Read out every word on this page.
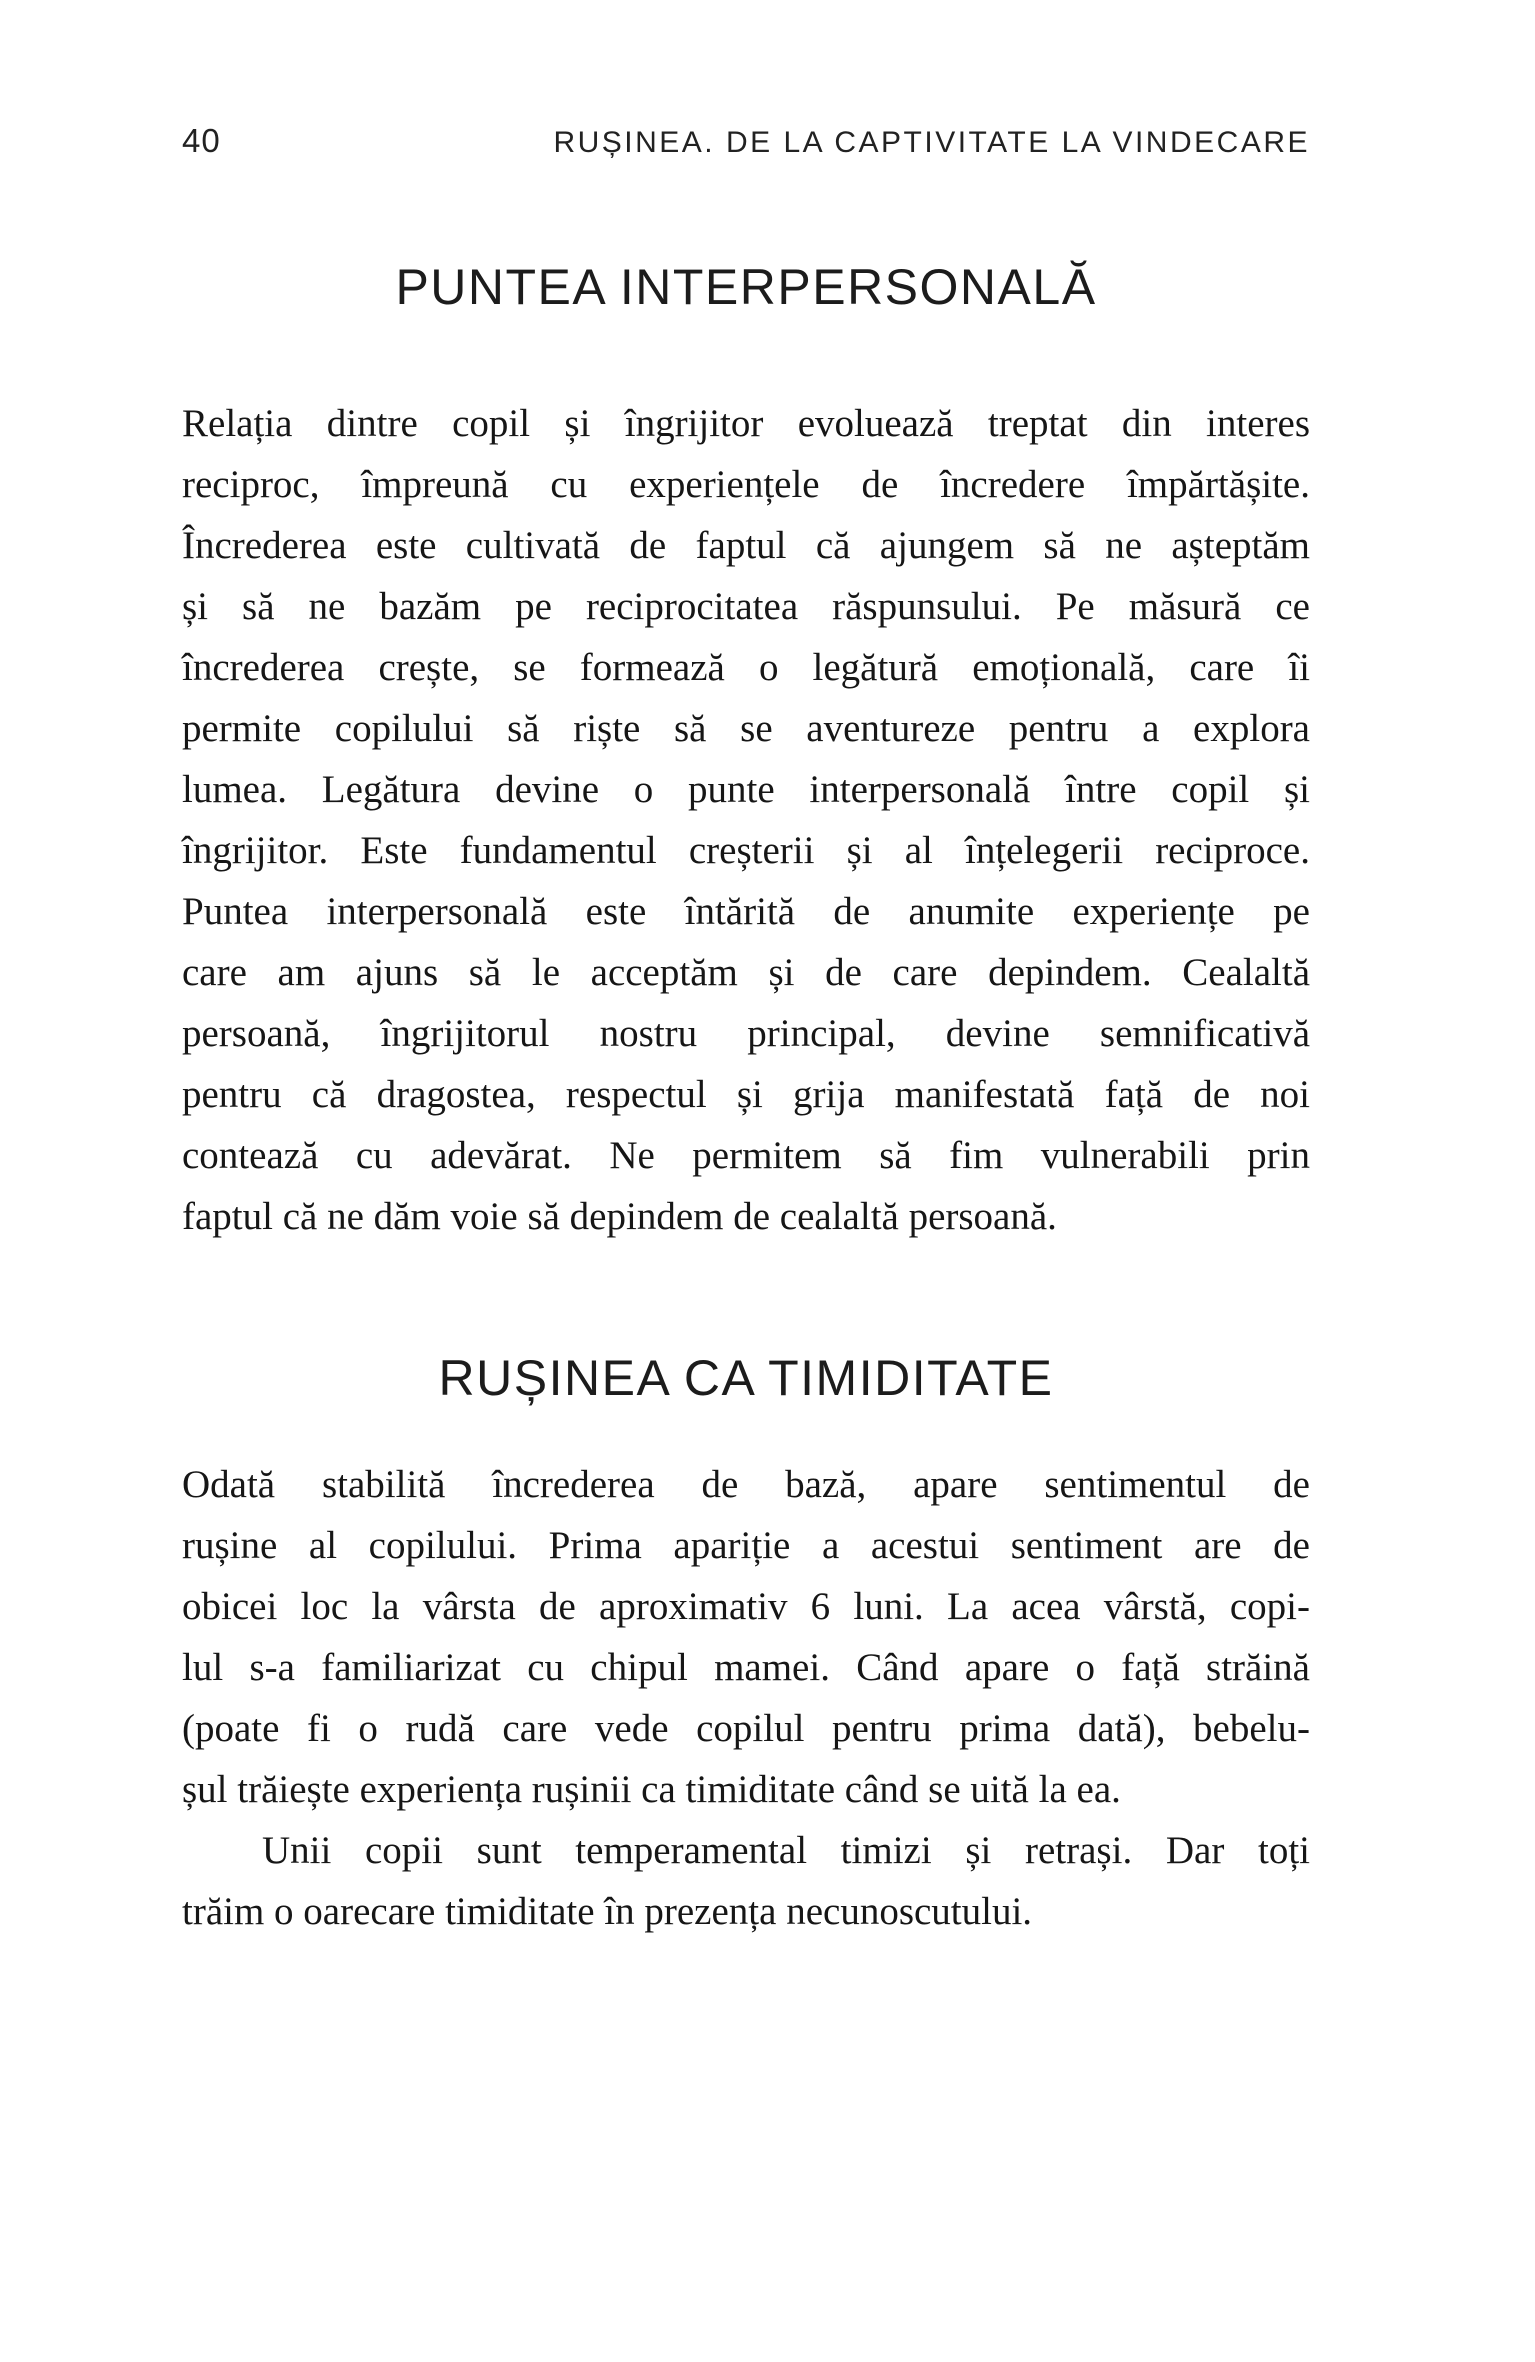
40	RUȘINEA. DE LA CAPTIVITATE LA VINDECARE
PUNTEA INTERPERSONALĂ
Relația dintre copil și îngrijitor evoluează treptat din interes
reciproc, împreună cu experiențele de încredere împărtășite.
Încrederea este cultivată de faptul că ajungem să ne așteptăm
și să ne bazăm pe reciprocitatea răspunsului. Pe măsură ce
încrederea crește, se formează o legătură emoțională, care îi
permite copilului să riște să se aventureze pentru a explora
lumea. Legătura devine o punte interpersonală între copil și
îngrijitor. Este fundamentul creșterii și al înțelegerii reciproce.
Puntea interpersonală este întărită de anumite experiențe pe
care am ajuns să le acceptăm și de care depindem. Cealaltă
persoană, îngrijitorul nostru principal, devine semnificativă
pentru că dragostea, respectul și grija manifestată față de noi
contează cu adevărat. Ne permitem să fim vulnerabili prin
faptul că ne dăm voie să depindem de cealaltă persoană.
RUȘINEA CA TIMIDITATE
Odată stabilită încrederea de bază, apare sentimentul de
rușine al copilului. Prima apariție a acestui sentiment are de
obicei loc la vârsta de aproximativ 6 luni. La acea vârstă, copi-
lul s-a familiarizat cu chipul mamei. Când apare o față străină
(poate fi o rudă care vede copilul pentru prima dată), bebelu-
șul trăiește experiența rușinii ca timiditate când se uită la ea.
Unii copii sunt temperamental timizi și retrași. Dar toți
trăim o oarecare timiditate în prezența necunoscutului.
